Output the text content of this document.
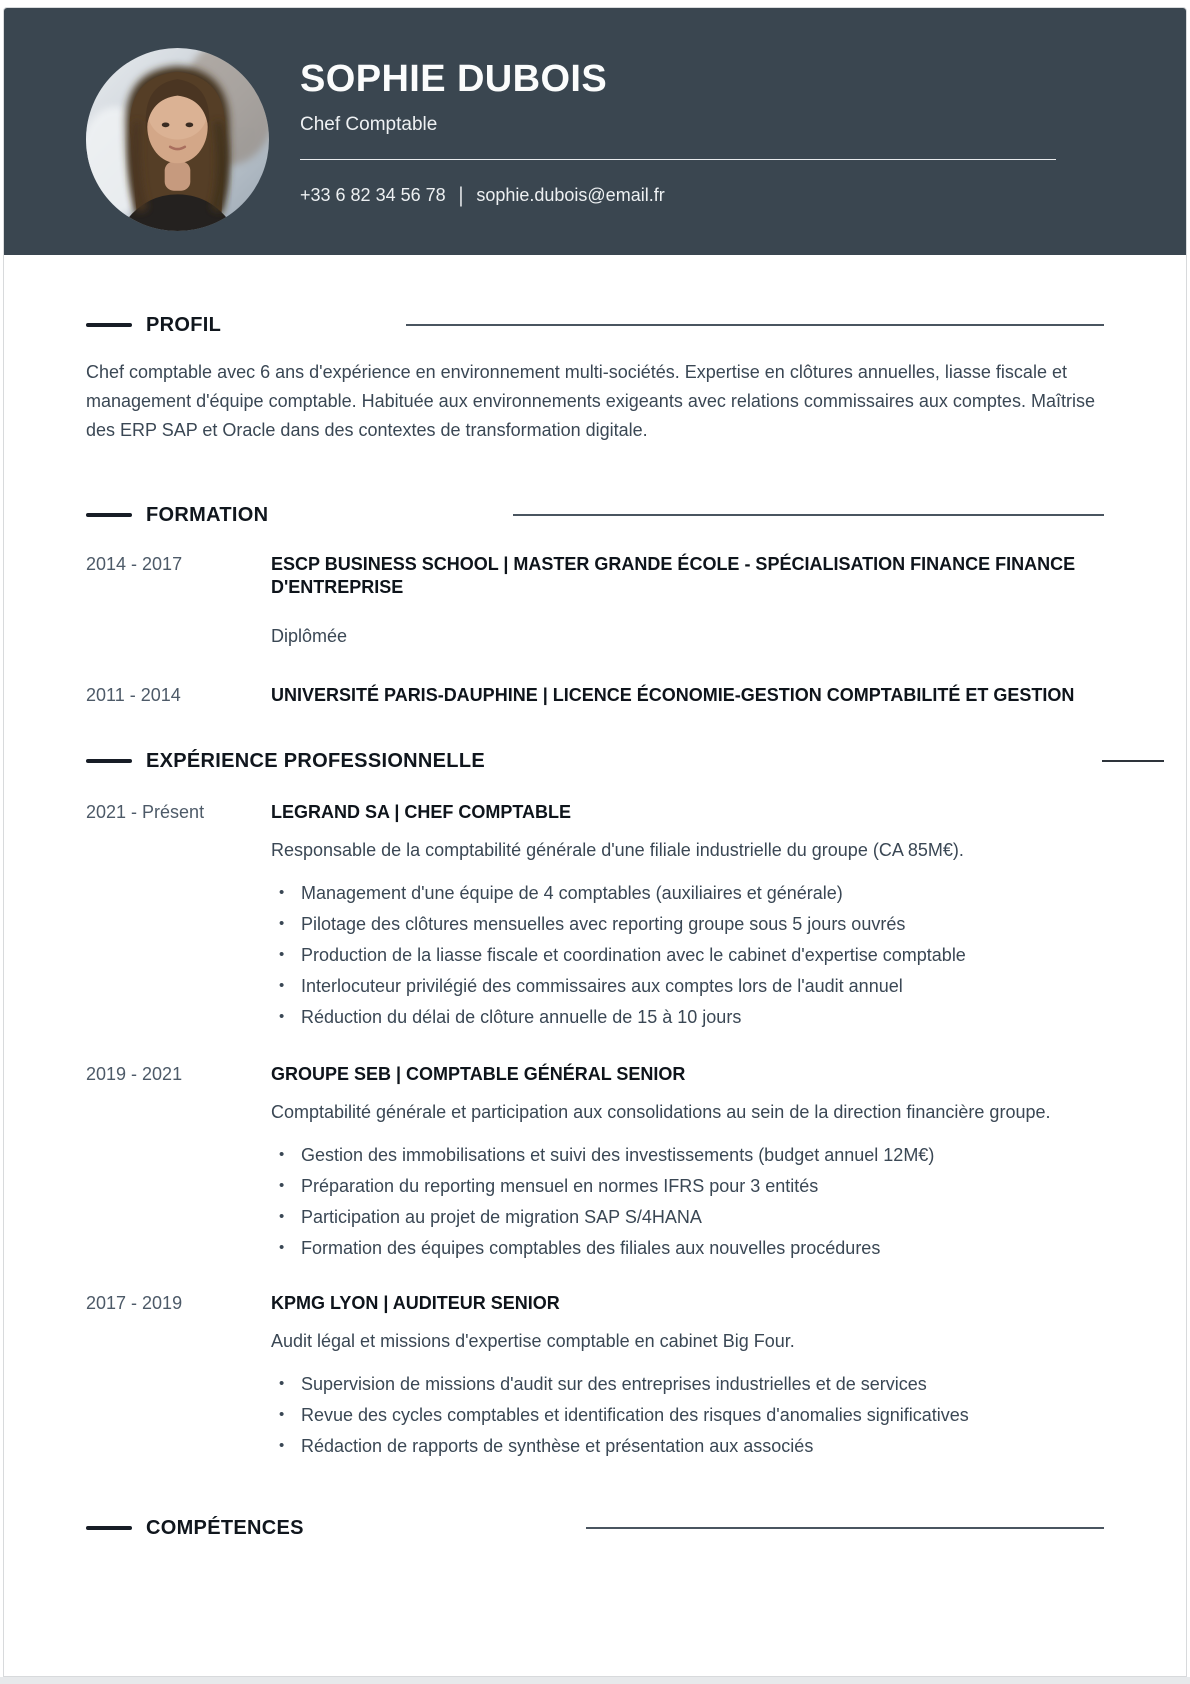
SOPHIE DUBOIS
Chef Comptable
+33 6 82 34 56 78 | sophie.dubois@email.fr
PROFIL

Chef comptable avec 6 ans d'expérience en environnement multi-sociétés. Expertise en clôtures annuelles, liasse fiscale et management d'équipe comptable. Habituée aux environnements exigeants avec relations commissaires aux comptes. Maîtrise des ERP SAP et Oracle dans des contextes de transformation digitale.

FORMATION
2014 - 2017	ESCP BUSINESS SCHOOL | MASTER GRANDE ÉCOLE - SPÉCIALISATION FINANCE FINANCE D'ENTREPRISE
Diplômée
2011 - 2014	UNIVERSITÉ PARIS-DAUPHINE | LICENCE ÉCONOMIE-GESTION COMPTABILITÉ ET GESTION
EXPÉRIENCE PROFESSIONNELLE
2021 - Présent	LEGRAND SA | CHEF COMPTABLE

Responsable de la comptabilité générale d'une filiale industrielle du groupe (CA 85M€).

• Management d'une équipe de 4 comptables (auxiliaires et générale)
• Pilotage des clôtures mensuelles avec reporting groupe sous 5 jours ouvrés
• Production de la liasse fiscale et coordination avec le cabinet d'expertise comptable
• Interlocuteur privilégié des commissaires aux comptes lors de l'audit annuel
• Réduction du délai de clôture annuelle de 15 à 10 jours
2019 - 2021	GROUPE SEB | COMPTABLE GÉNÉRAL SENIOR

Comptabilité générale et participation aux consolidations au sein de la direction financière groupe.

• Gestion des immobilisations et suivi des investissements (budget annuel 12M€)
• Préparation du reporting mensuel en normes IFRS pour 3 entités
• Participation au projet de migration SAP S/4HANA
• Formation des équipes comptables des filiales aux nouvelles procédures
2017 - 2019	KPMG LYON | AUDITEUR SENIOR

Audit légal et missions d'expertise comptable en cabinet Big Four.

• Supervision de missions d'audit sur des entreprises industrielles et de services
• Revue des cycles comptables et identification des risques d'anomalies significatives
• Rédaction de rapports de synthèse et présentation aux associés
COMPÉTENCES
